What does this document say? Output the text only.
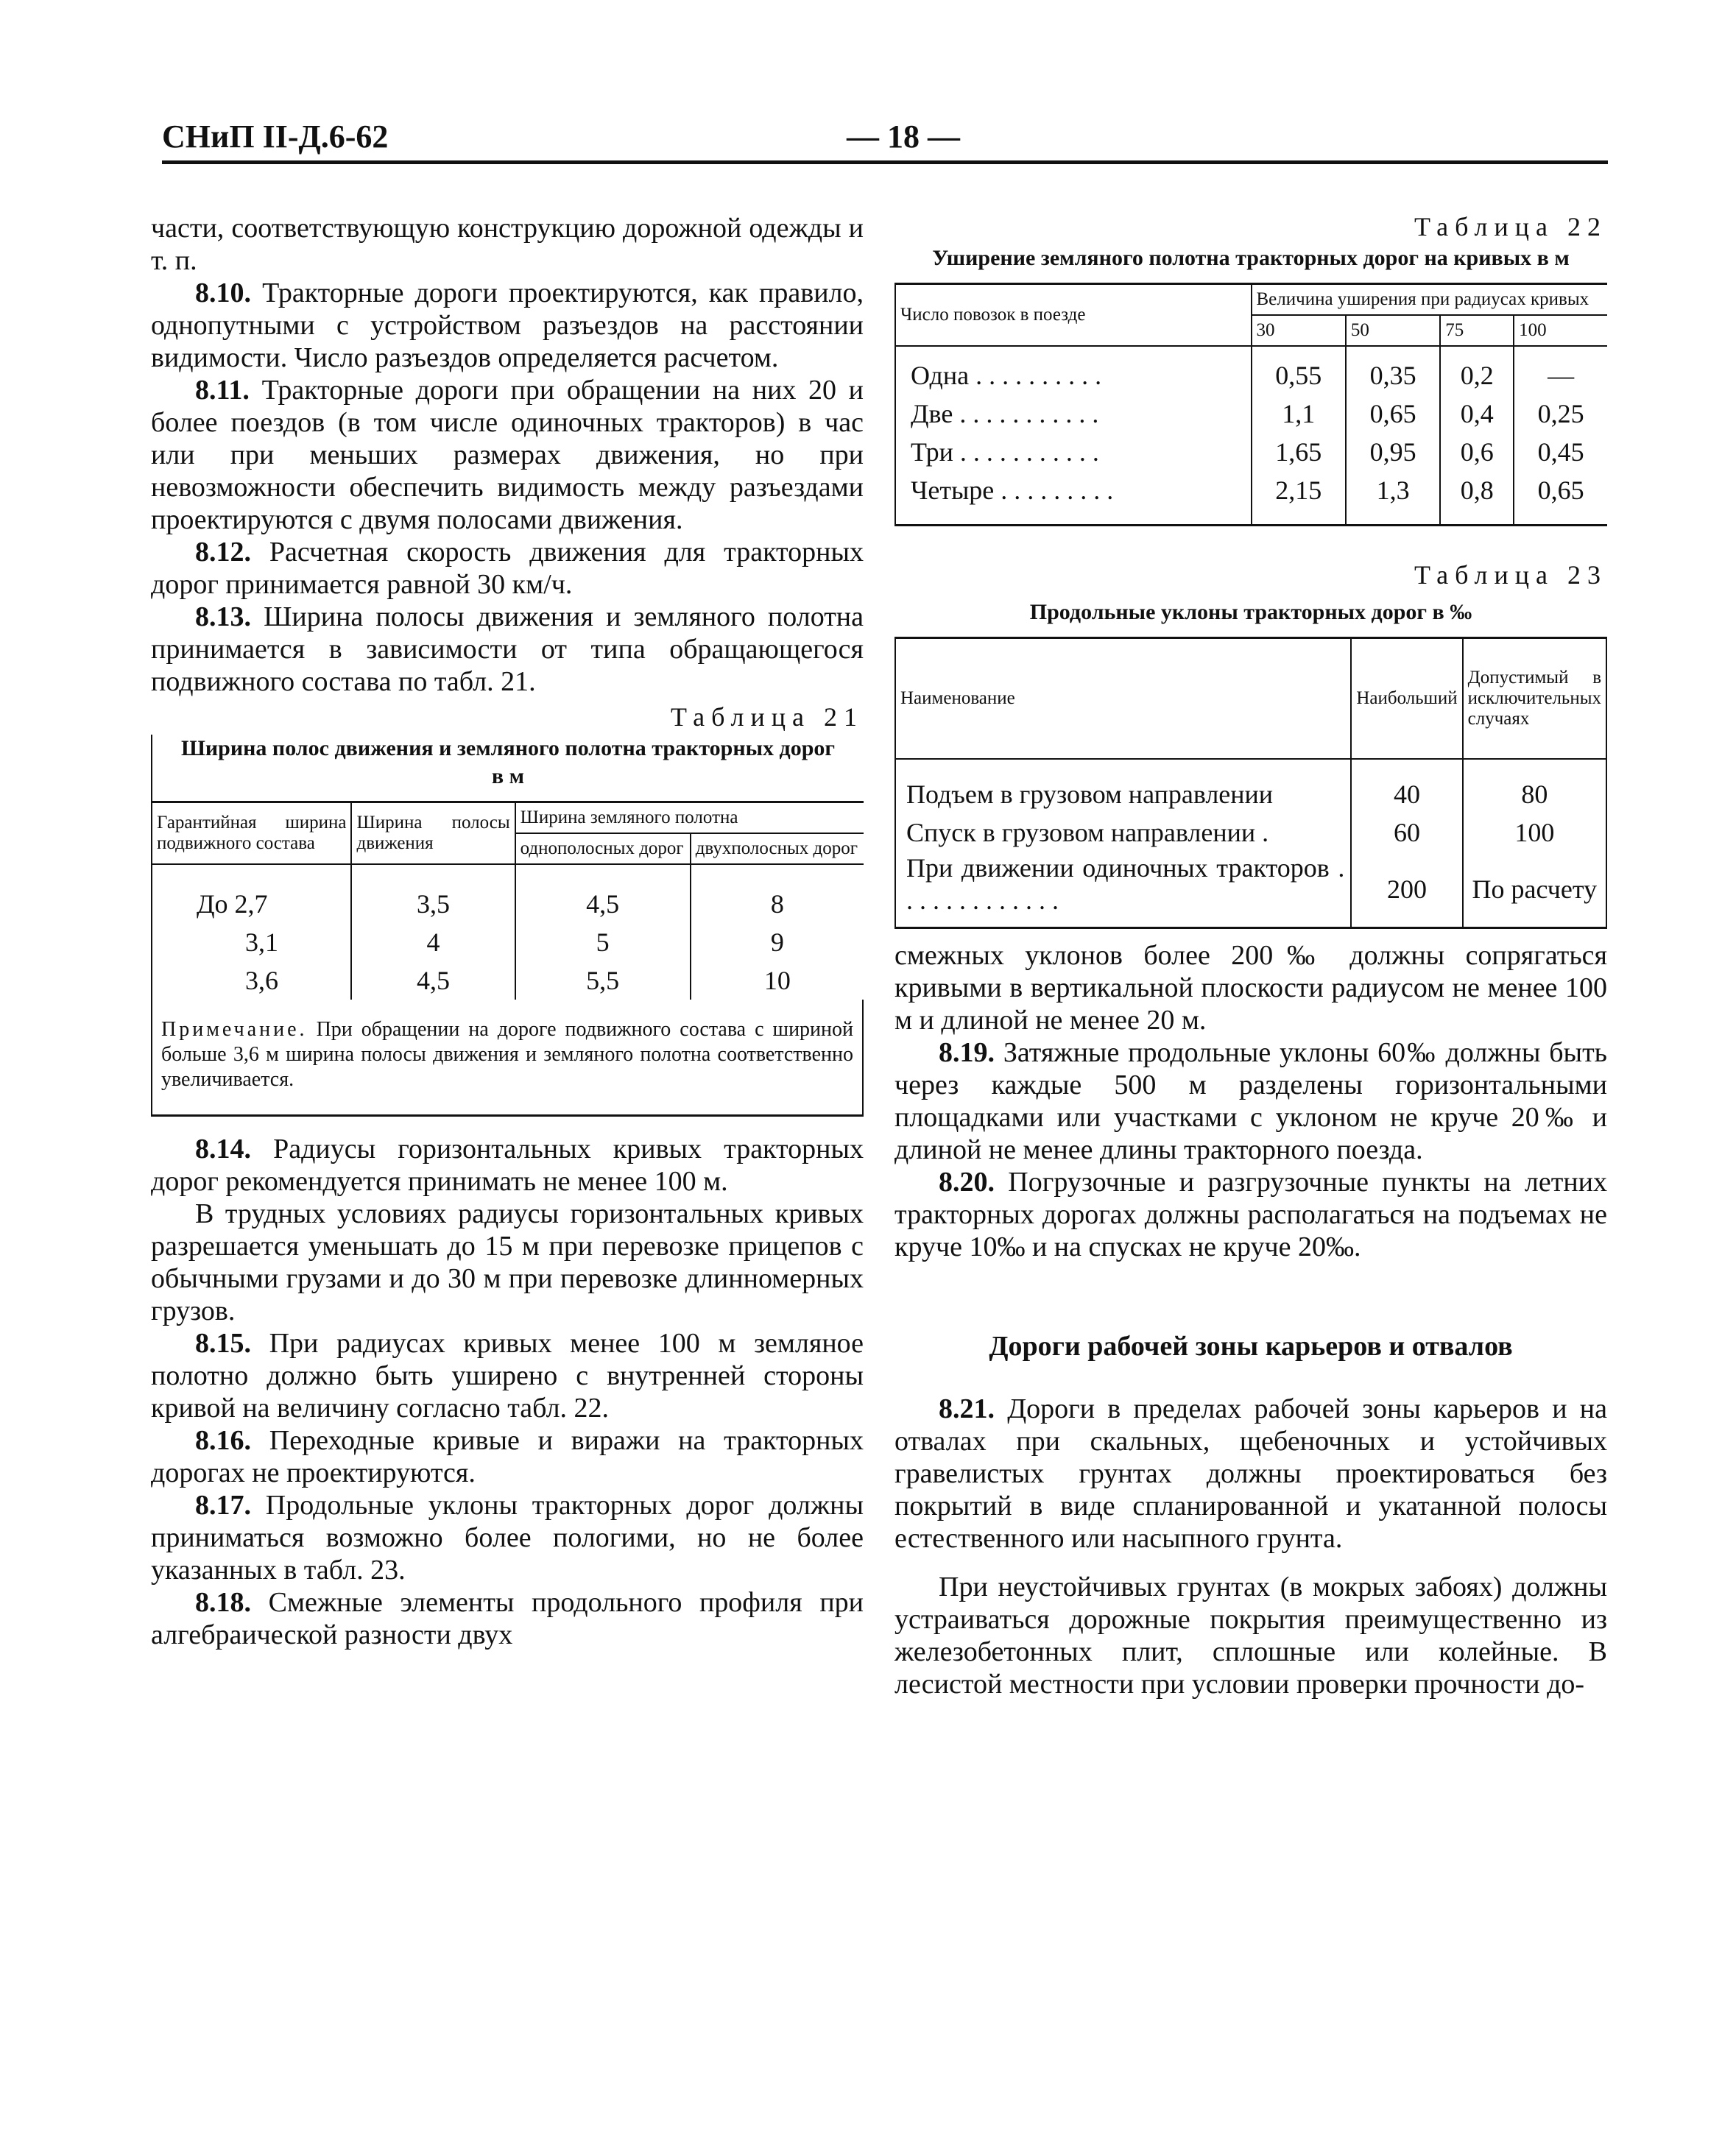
СНиП II-Д.6-62	— 18 —

части, соответствующую конструкцию дорожной одежды и т. п.

8.10. Тракторные дороги проектируются, как правило, однопутными с устройством разъездов на расстоянии видимости. Число разъездов определяется расчетом.

8.11. Тракторные дороги при обращении на них 20 и более поездов (в том числе одиночных тракторов) в час или при меньших размерах движения, но при невозможности обеспечить видимость между разъездами проектируются с двумя полосами движения.

8.12. Расчетная скорость движения для тракторных дорог принимается равной 30 км/ч.

8.13. Ширина полосы движения и земляного полотна принимается в зависимости от типа обращающегося подвижного состава по табл. 21.

Таблица 21
Ширина полос движения и земляного полотна тракторных дорог в м
Гарантийная ширина подвижного состава	Ширина полосы движения	Ширина земляного полотна	
		однополосных дорог	двухполосных дорог

До 2,7	3,5	4,5	8
3,1	4	5	9
3,6	4,5	5,5	10
Примечание. При обращении на дороге подвижного состава с шириной больше 3,6 м ширина полосы движения и земляного полотна соответственно увеличивается.

8.14. Радиусы горизонтальных кривых тракторных дорог рекомендуется принимать не менее 100 м.

В трудных условиях радиусы горизонтальных кривых разрешается уменьшать до 15 м при перевозке прицепов с обычными грузами и до 30 м при перевозке длинномерных грузов.

8.15. При радиусах кривых менее 100 м земляное полотно должно быть уширено с внутренней стороны кривой на величину согласно табл. 22.

8.16. Переходные кривые и виражи на тракторных дорогах не проектируются.

8.17. Продольные уклоны тракторных дорог должны приниматься возможно более пологими, но не более указанных в табл. 23.

8.18. Смежные элементы продольного профиля при алгебраической разности двух

Таблица 22
Уширение земляного полотна тракторных дорог на кривых в м
Число повозок в поезде	Величина уширения при радиусах кривых			
	30	50	75	100

Одна . . . . . . . . . .	0,55	0,35	0,2	—
Две . . . . . . . . . . .	1,1	0,65	0,4	0,25
Три . . . . . . . . . . .	1,65	0,95	0,6	0,45
Четыре . . . . . . . . .	2,15	1,3	0,8	0,65
Таблица 23
Продольные уклоны тракторных дорог в ‰
Наименование	Наибольший	Допустимый в исключительных случаях

Подъем в грузовом направлении	40	80
Спуск в грузовом направлении .	60	100
При движении одиночных тракторов . . . . . . . . . . . . .	200	По расчету

смежных уклонов более 200‰ должны сопрягаться кривыми в вертикальной плоскости радиусом не менее 100 м и длиной не менее 20 м.

8.19. Затяжные продольные уклоны 60‰ должны быть через каждые 500 м разделены горизонтальными площадками или участками с уклоном не круче 20‰ и длиной не менее длины тракторного поезда.

8.20. Погрузочные и разгрузочные пункты на летних тракторных дорогах должны располагаться на подъемах не круче 10‰ и на спусках не круче 20‰.

Дороги рабочей зоны карьеров и отвалов

8.21. Дороги в пределах рабочей зоны карьеров и на отвалах при скальных, щебеночных и устойчивых гравелистых грунтах должны проектироваться без покрытий в виде спланированной и укатанной полосы естественного или насыпного грунта.

При неустойчивых грунтах (в мокрых забоях) должны устраиваться дорожные покрытия преимущественно из железобетонных плит, сплошные или колейные. В лесистой местности при условии проверки прочности до-
